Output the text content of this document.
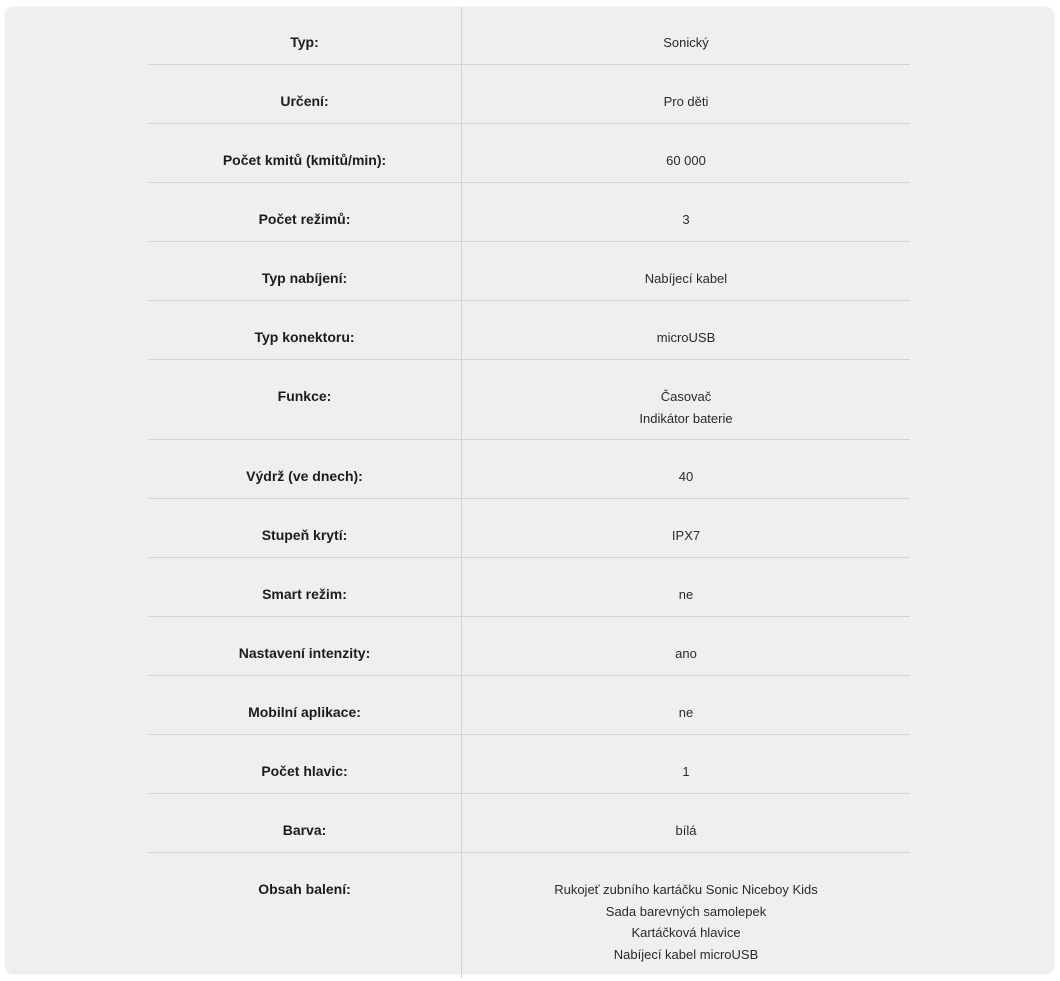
Typ:	Sonický

Určení:	Pro děti

Počet kmitů (kmitů/min):	60 000

Počet režimů:	3

Typ nabíjení:	Nabíjecí kabel

Typ konektoru:	microUSB

Funkce:	Časovač
Indikátor baterie

Výdrž (ve dnech):	40

Stupeň krytí:	IPX7

Smart režim:	ne

Nastavení intenzity:	ano

Mobilní aplikace:	ne

Počet hlavic:	1

Barva:	bílá

Obsah balení:	Rukojeť zubního kartáčku Sonic Niceboy Kids
Sada barevných samolepek
Kartáčková hlavice
Nabíjecí kabel microUSB
